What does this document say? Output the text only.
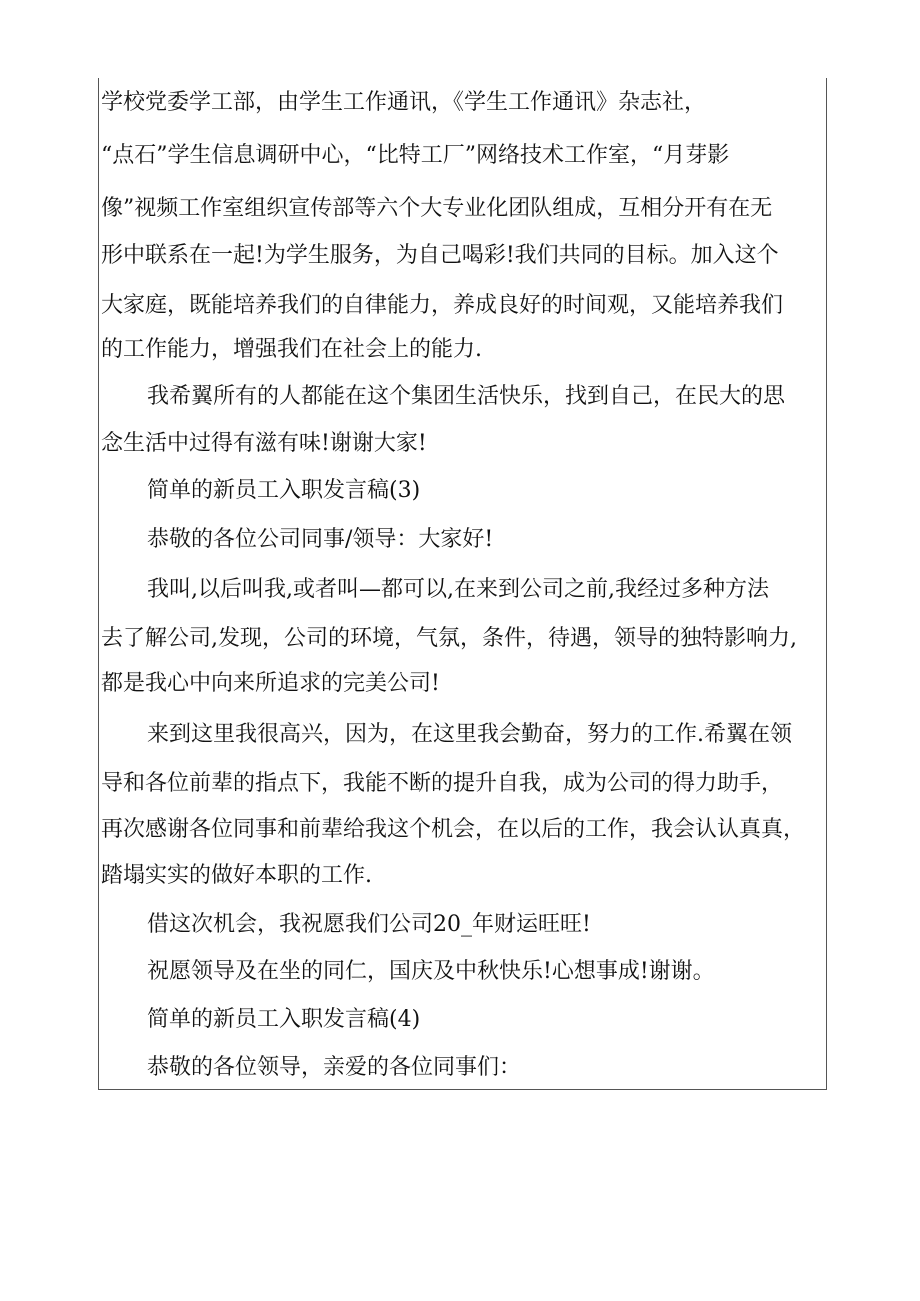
学校党委学工部，由学生工作通讯，《学生工作通讯》杂志社，
“点石”学生信息调研中心，“比特工厂”网络技术工作室，“月芽影
像”视频工作室组织宣传部等六个大专业化团队组成，互相分开有在无
形中联系在一起!为学生服务，为自己喝彩!我们共同的目标。加入这个
大家庭，既能培养我们的自律能力，养成良好的时间观，又能培养我们
的工作能力，增强我们在社会上的能力.
我希翼所有的人都能在这个集团生活快乐，找到自己，在民大的思
念生活中过得有滋有味!谢谢大家!
简单的新员工入职发言稿(3)
恭敬的各位公司同事/领导：大家好!
我叫,以后叫我,或者叫—都可以,在来到公司之前,我经过多种方法
去了解公司,发现，公司的环境，气氛，条件，待遇，领导的独特影响力,
都是我心中向来所追求的完美公司!
来到这里我很高兴，因为，在这里我会勤奋，努力的工作.希翼在领
导和各位前辈的指点下，我能不断的提升自我，成为公司的得力助手，
再次感谢各位同事和前辈给我这个机会，在以后的工作，我会认认真真，
踏塌实实的做好本职的工作.
借这次机会，我祝愿我们公司20_年财运旺旺!
祝愿领导及在坐的同仁，国庆及中秋快乐!心想事成!谢谢。
简单的新员工入职发言稿(4)
恭敬的各位领导，亲爱的各位同事们：
